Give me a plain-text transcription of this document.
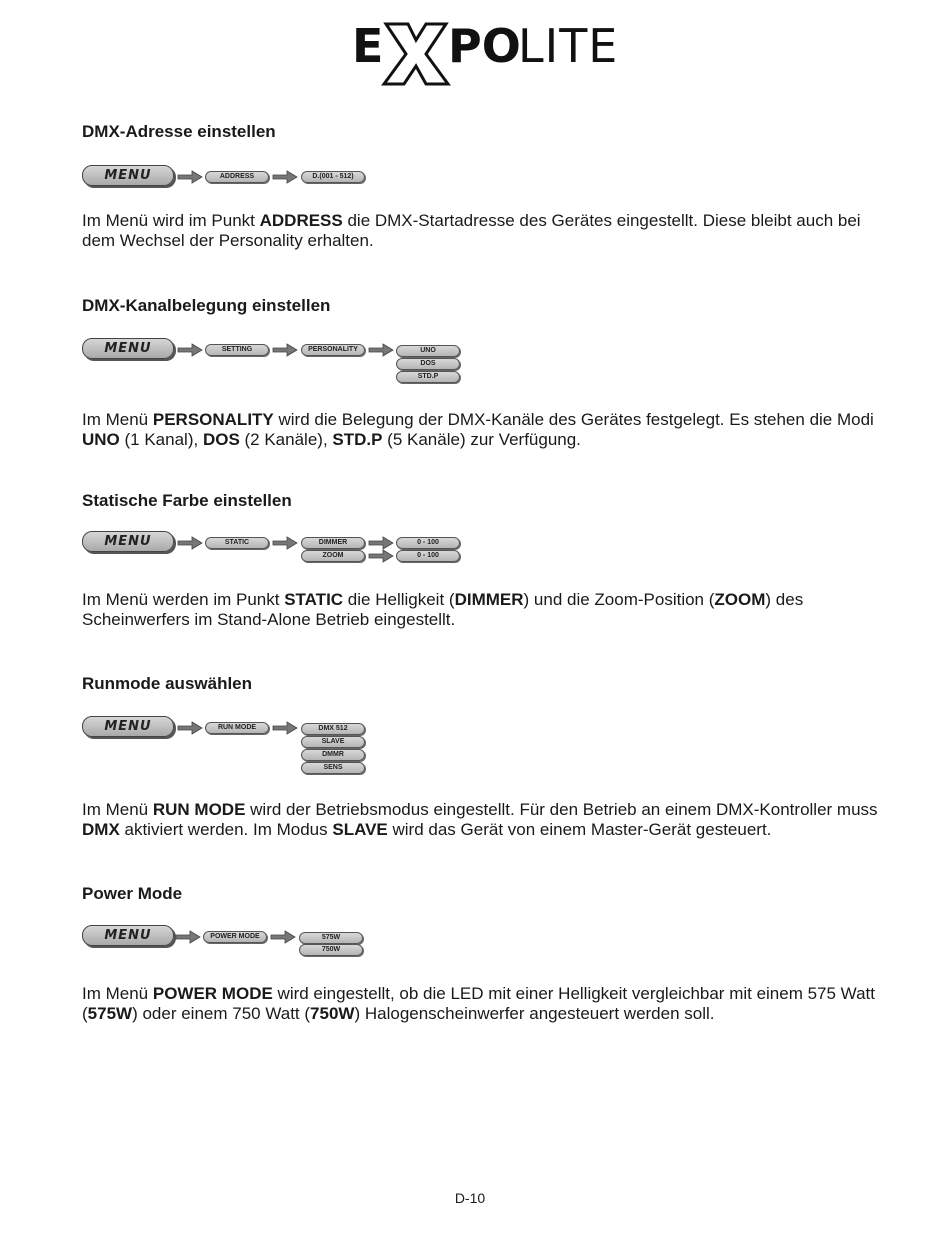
E PO
LITE
DMX-Adresse einstellen
MENU	ADDRESS	D.(001 - 512)

Im Menü wird im Punkt ADDRESS die DMX-Startadresse des Gerätes eingestellt. Diese bleibt auch bei dem Wechsel der Personality erhalten.

DMX-Kanalbelegung einstellen
MENU	SETTING	PERSONALITY	UNO
DOS
STD.P

Im Menü PERSONALITY wird die Belegung der DMX-Kanäle des Gerätes festgelegt. Es stehen die Modi UNO (1 Kanal), DOS (2 Kanäle), STD.P (5 Kanäle) zur Verfügung.

Statische Farbe einstellen
MENU	STATIC	DIMMER
ZOOM
0 - 100
0 - 100

Im Menü werden im Punkt STATIC die Helligkeit (DIMMER) und die Zoom-Position (ZOOM) des Scheinwerfers im Stand-Alone Betrieb eingestellt.

Runmode auswählen
MENU	RUN MODE	DMX 512
SLAVE
DMMR
SENS

Im Menü RUN MODE wird der Betriebsmodus eingestellt. Für den Betrieb an einem DMX-Kontroller muss DMX aktiviert werden. Im Modus SLAVE wird das Gerät von einem Master-Gerät gesteuert.

Power Mode
MENU	POWER MODE	575W
750W

Im Menü POWER MODE wird eingestellt, ob die LED mit einer Helligkeit vergleichbar mit einem 575 Watt (575W) oder einem 750 Watt (750W) Halogenscheinwerfer angesteuert werden soll.

D-10
